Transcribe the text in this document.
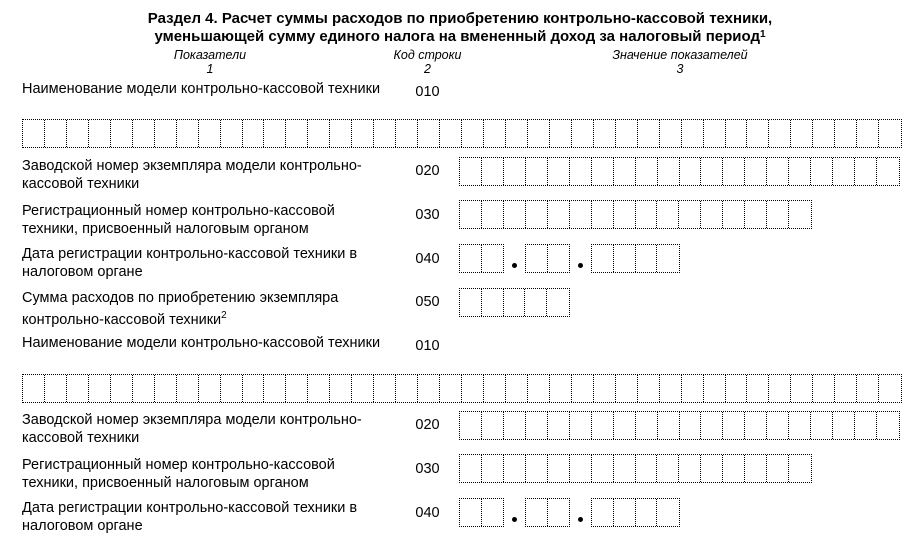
Раздел 4. Расчет суммы расходов по приобретению контрольно-кассовой техники,
уменьшающей сумму единого налога на вмененный доход за налоговый период$^1$
Показатели
1
Код строки
2
Значение показателей
3
Наименование модели контрольно-кассовой техники	010
Заводской номер экземпляра модели контрольно-кассовой техники
020
Регистрационный номер контрольно-кассовой техники, присвоенный налоговым органом
030
Дата регистрации контрольно-кассовой техники в налоговом органе
040
Сумма расходов по приобретению экземпляра контрольно-кассовой техники$^2$
050
Наименование модели контрольно-кассовой техники	010
Заводской номер экземпляра модели контрольно-кассовой техники
020
Регистрационный номер контрольно-кассовой техники, присвоенный налоговым органом
030
Дата регистрации контрольно-кассовой техники в налоговом органе
040
